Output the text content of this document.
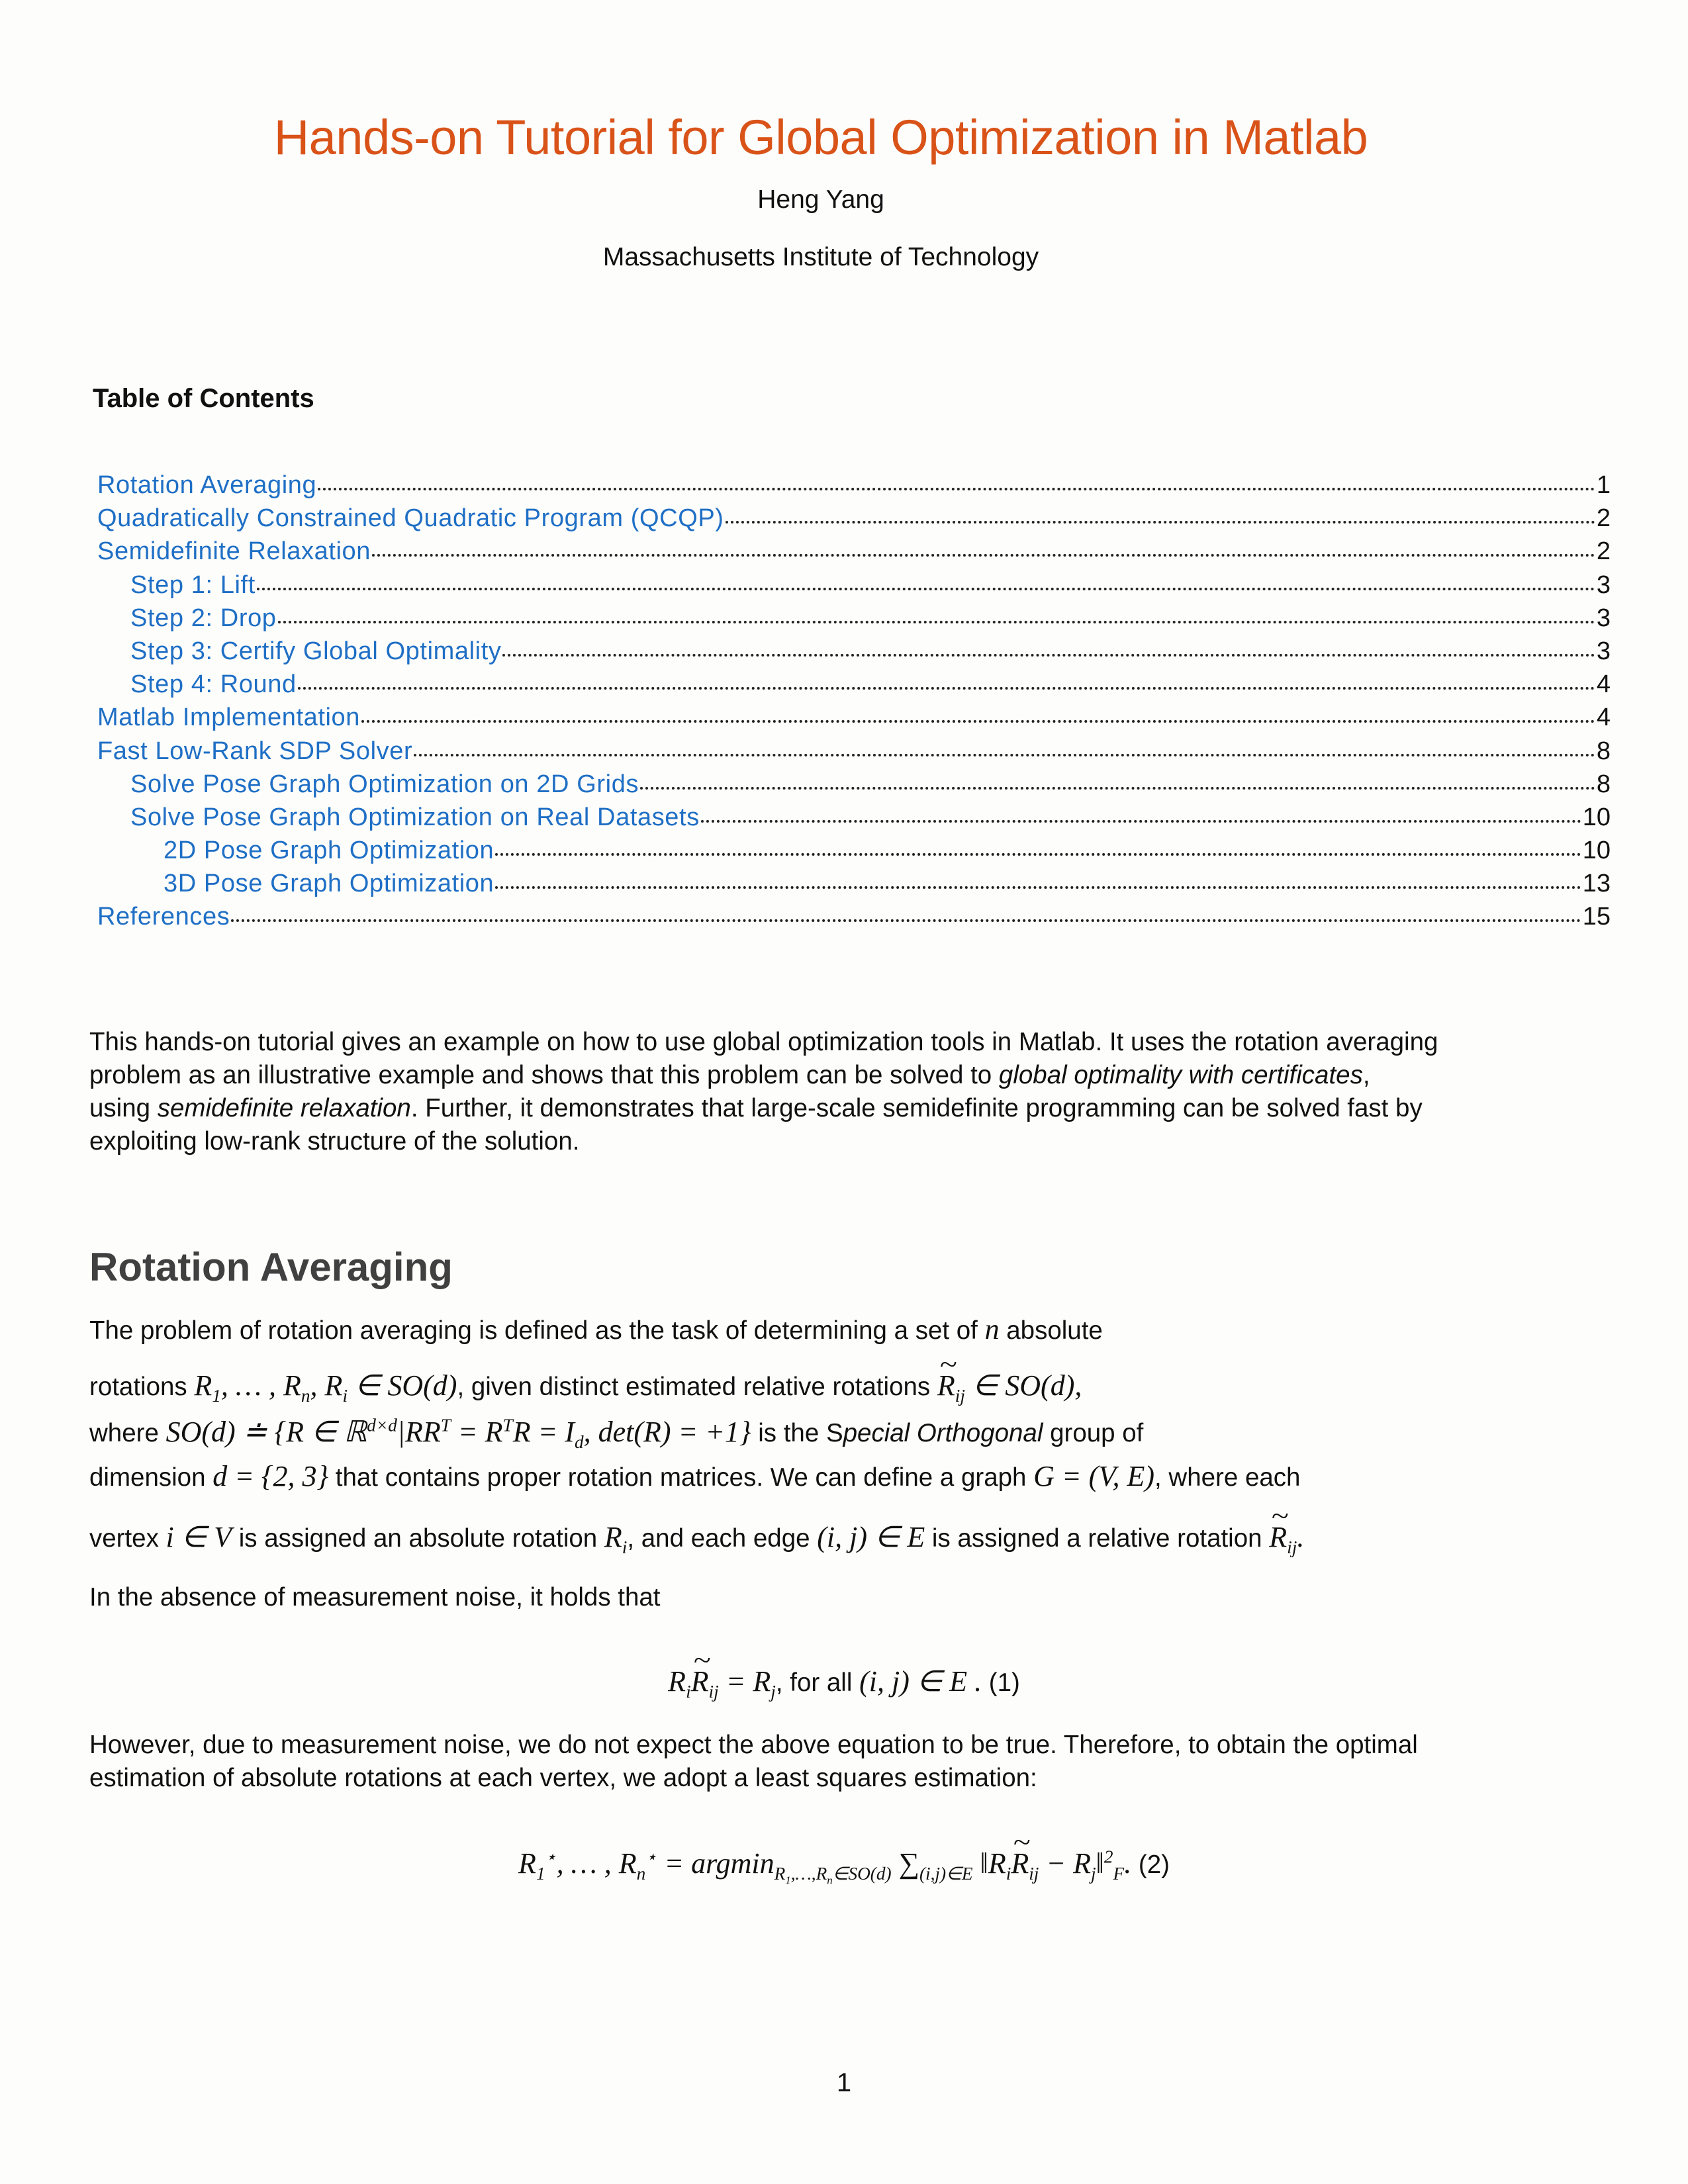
Hands-on Tutorial for Global Optimization in Matlab
Heng Yang
Massachusetts Institute of Technology
Table of Contents
Rotation Averaging	1
Quadratically Constrained Quadratic Program (QCQP)	2
Semidefinite Relaxation	2
Step 1: Lift	3
Step 2: Drop	3
Step 3: Certify Global Optimality	3
Step 4: Round	4
Matlab Implementation	4
Fast Low-Rank SDP Solver	8
Solve Pose Graph Optimization on 2D Grids	8
Solve Pose Graph Optimization on Real Datasets	10
2D Pose Graph Optimization	10
3D Pose Graph Optimization	13
References	15
This hands-on tutorial gives an example on how to use global optimization tools in Matlab. It uses the rotation averaging
problem as an illustrative example and shows that this problem can be solved to global optimality with certificates,
using semidefinite relaxation. Further, it demonstrates that large-scale semidefinite programming can be solved fast by
exploiting low-rank structure of the solution.
Rotation Averaging
The problem of rotation averaging is defined as the task of determining a set of n absolute
rotations $R_1$, … , $R_n$, $R_i$ ∈ SO(d), given distinct estimated relative rotations ~ $R_{ij}$ ∈ SO(d),
where SO(d) ≐ {R ∈ $ℝ^{d\times d}|RR^T = R^TR = I_d$, det(R) = +1} is the Special Orthogonal group of
dimension d = {2, 3} that contains proper rotation matrices. We can define a graph G = (V, E), where each
vertex i ∈ V is assigned an absolute rotation $R_i$, and each edge (i, j) ∈ E is assigned a relative rotation ~ $R_{ij}$.
In the absence of measurement noise, it holds that
$R_i\sim$ $R_{ij} = R_j$, for all (i, j) ∈ E . (1)
However, due to measurement noise, we do not expect the above equation to be true. Therefore, to obtain the optimal
estimation of absolute rotations at each vertex, we adopt a least squares estimation:
$R_1^⋆$, … , $R_n^⋆ = argmin_{R_1,\dots,R_n\in SO(d)}$ $\sum_{(i,j)\in E}$ $‖R_i\sim$ $R_{ij}$ − $R_j‖^2_F$. (2)
1
